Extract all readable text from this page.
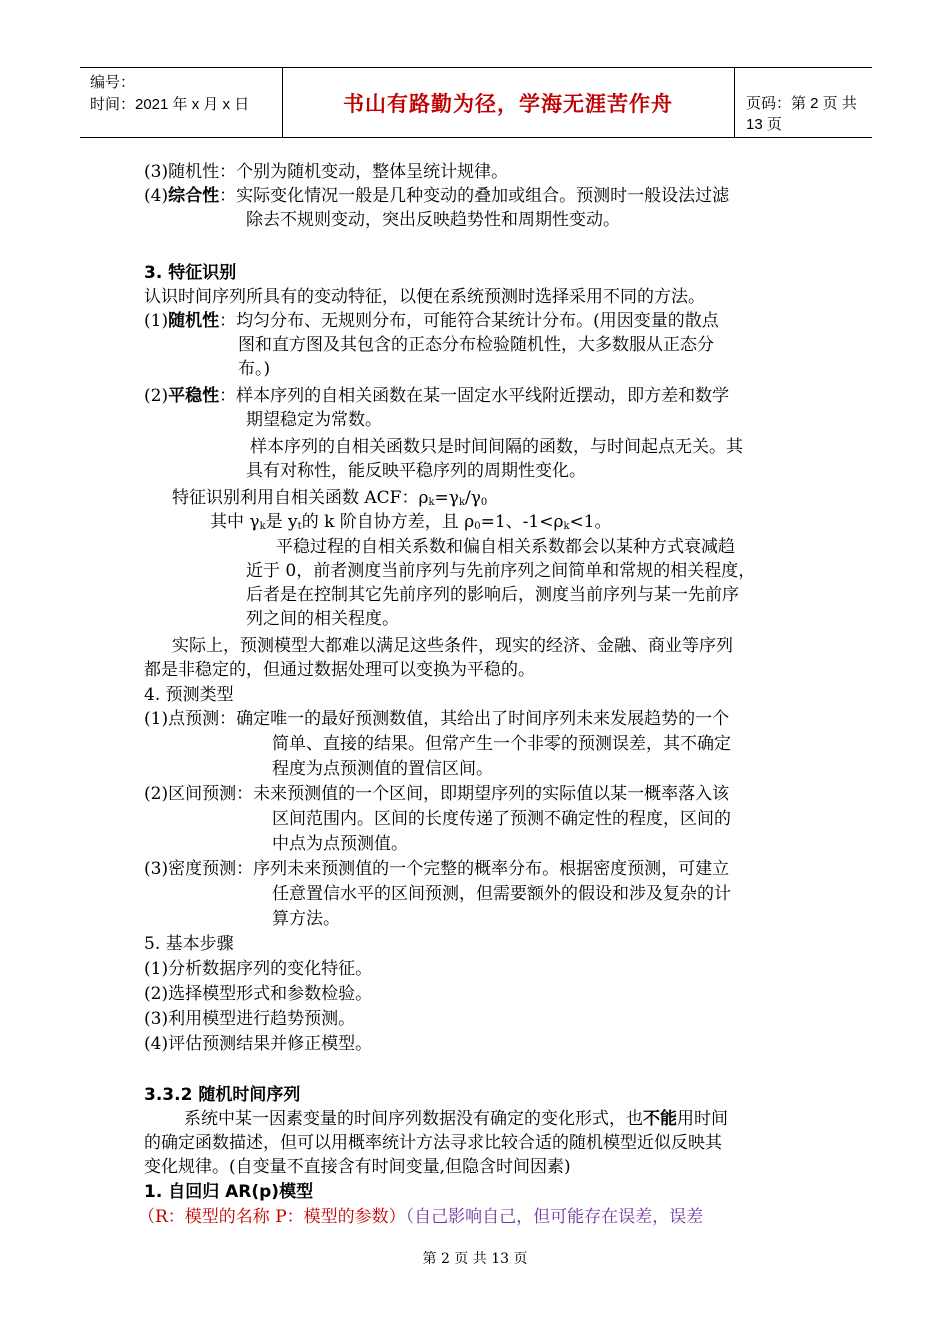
编号：
时间：2021 年 x 月 x 日	书山有路勤为径，学海无涯苦作舟	页码：第 2 页 共 13 页
(3)随机性：个别为随机变动，整体呈统计规律。
(4)综合性：实际变化情况一般是几种变动的叠加或组合。预测时一般设法过滤
除去不规则变动，突出反映趋势性和周期性变动。
3. 特征识别
认识时间序列所具有的变动特征，以便在系统预测时选择采用不同的方法。
(1)随机性：均匀分布、无规则分布，可能符合某统计分布。(用因变量的散点
图和直方图及其包含的正态分布检验随机性，大多数服从正态分
布。)
(2)平稳性：样本序列的自相关函数在某一固定水平线附近摆动，即方差和数学
期望稳定为常数。
样本序列的自相关函数只是时间间隔的函数，与时间起点无关。其
具有对称性，能反映平稳序列的周期性变化。
特征识别利用自相关函数 ACF：$\rho_k=\gamma_k/\gamma_0$
其中 $\gamma_k$是 $y_t$的 k 阶自协方差，且 $\rho_0=1$、$-1<\rho_k<1$。
平稳过程的自相关系数和偏自相关系数都会以某种方式衰减趋
近于 0，前者测度当前序列与先前序列之间简单和常规的相关程度，
后者是在控制其它先前序列的影响后，测度当前序列与某一先前序
列之间的相关程度。
实际上，预测模型大都难以满足这些条件，现实的经济、金融、商业等序列
都是非稳定的，但通过数据处理可以变换为平稳的。
4. 预测类型
(1)点预测：确定唯一的最好预测数值，其给出了时间序列未来发展趋势的一个
简单、直接的结果。但常产生一个非零的预测误差，其不确定
程度为点预测值的置信区间。
(2)区间预测：未来预测值的一个区间，即期望序列的实际值以某一概率落入该
区间范围内。区间的长度传递了预测不确定性的程度，区间的
中点为点预测值。
(3)密度预测：序列未来预测值的一个完整的概率分布。根据密度预测，可建立
任意置信水平的区间预测，但需要额外的假设和涉及复杂的计
算方法。
5. 基本步骤
(1)分析数据序列的变化特征。
(2)选择模型形式和参数检验。
(3)利用模型进行趋势预测。
(4)评估预测结果并修正模型。
3.3.2 随机时间序列
系统中某一因素变量的时间序列数据没有确定的变化形式，也不能用时间
的确定函数描述，但可以用概率统计方法寻求比较合适的随机模型近似反映其
变化规律。(自变量不直接含有时间变量,但隐含时间因素)
1. 自回归 AR(p)模型
（R：模型的名称 P：模型的参数）（自己影响自己，但可能存在误差，误差
第 2 页 共 13 页
